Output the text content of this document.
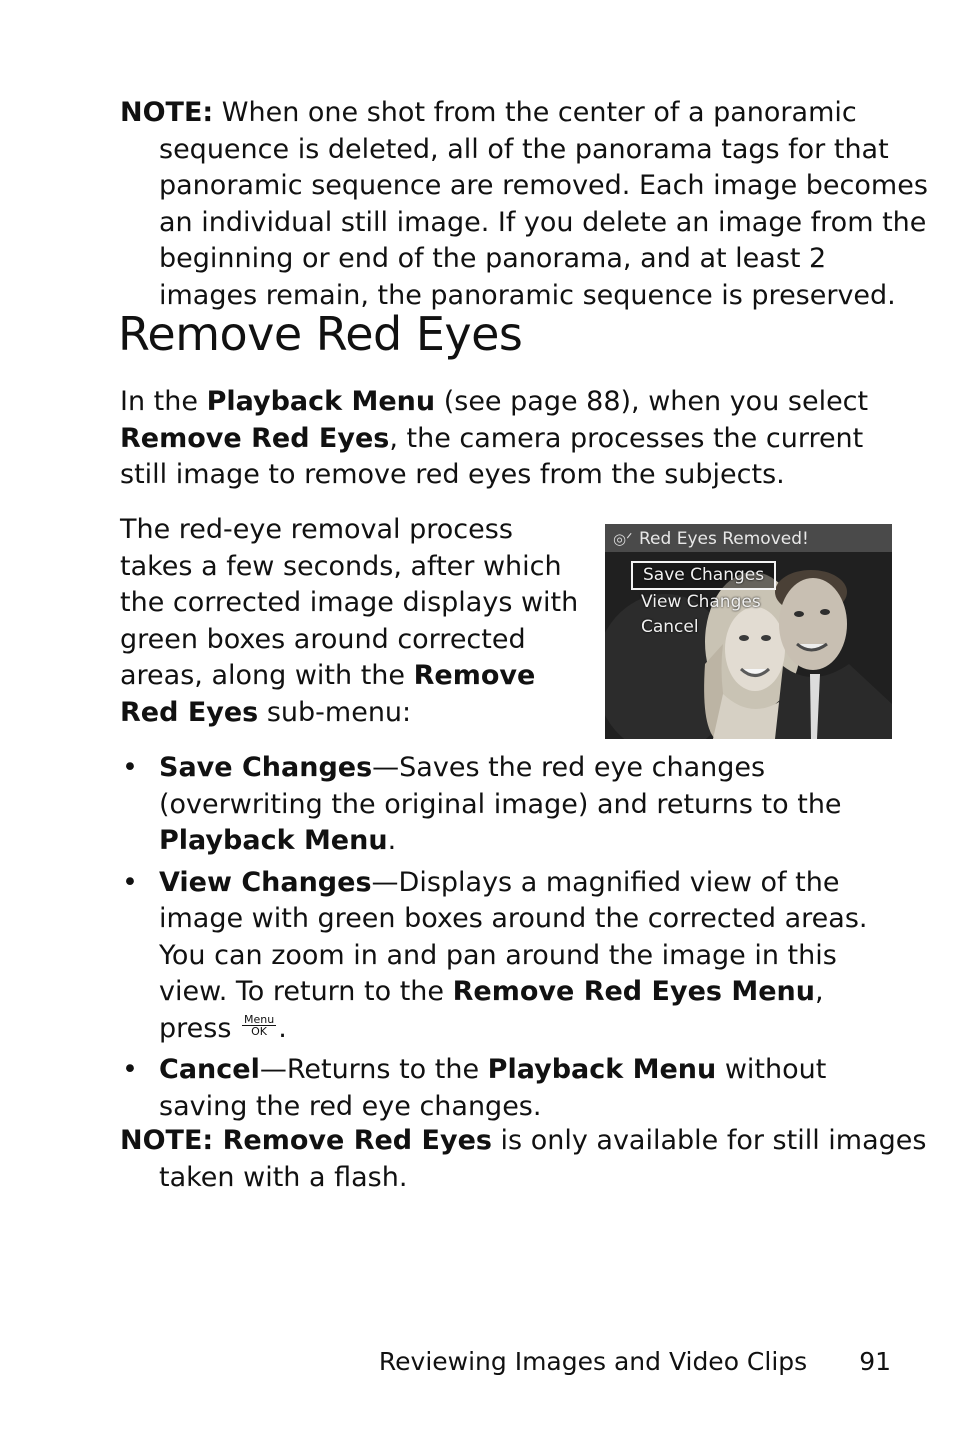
NOTE: When one shot from the center of a panoramic sequence is deleted, all of the panorama tags for that panoramic sequence are removed. Each image becomes an individual still image. If you delete an image from the beginning or end of the panorama, and at least 2 images remain, the panoramic sequence is preserved.

Remove Red Eyes

In the Playback Menu (see page 88), when you select Remove Red Eyes, the camera processes the current still image to remove red eyes from the subjects.

The red-eye removal process takes a few seconds, after which the corrected image displays with green boxes around corrected areas, along with the Remove Red Eyes sub-menu:

◎ᐟ Red Eyes Removed!
Save Changes
View Changes
Cancel
• Save Changes—Saves the red eye changes (overwriting the original image) and returns to the Playback Menu.
• View Changes—Displays a magnified view of the image with green boxes around the corrected areas. You can zoom in and pan around the image in this view. To return to the Remove Red Eyes Menu, press Menu
OK .
• Cancel—Returns to the Playback Menu without saving the red eye changes.

NOTE: Remove Red Eyes is only available for still images taken with a flash.

Reviewing Images and Video Clips 91
